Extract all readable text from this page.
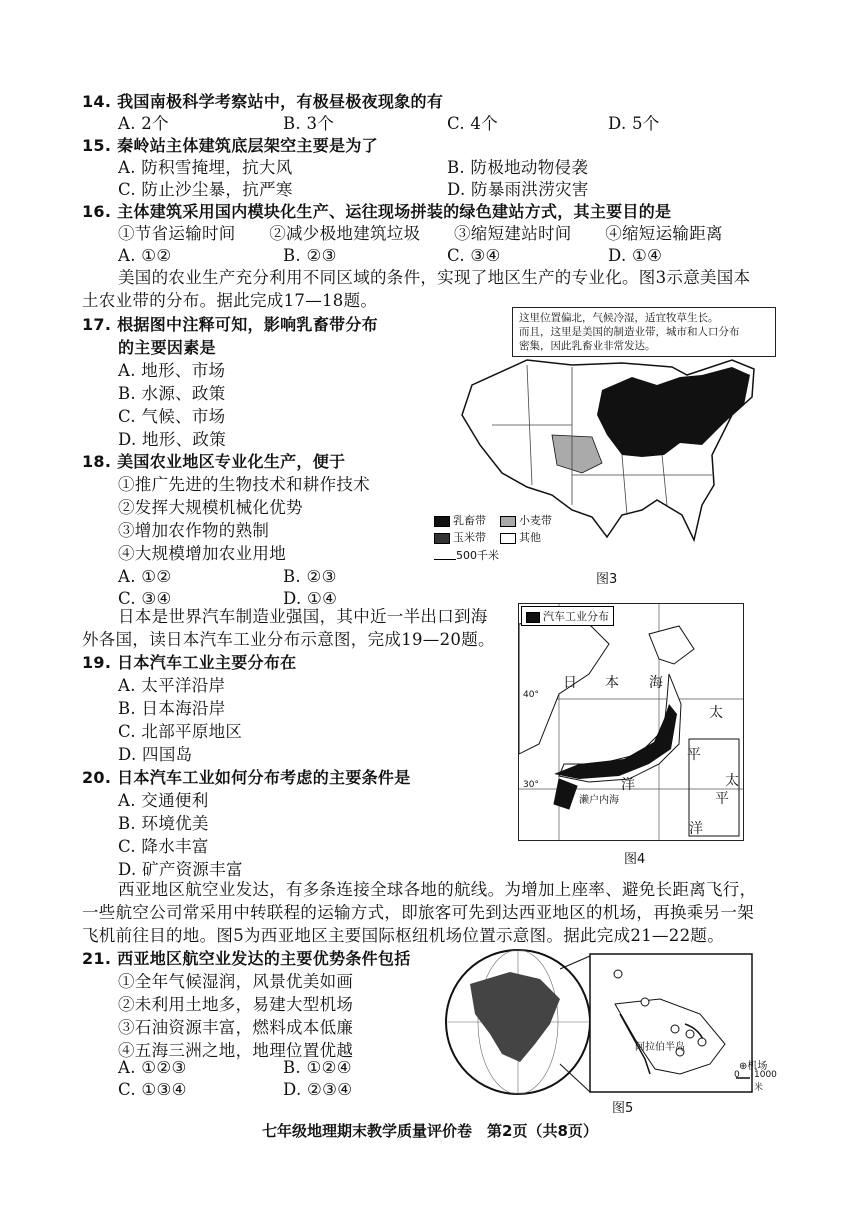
14. 我国南极科学考察站中，有极昼极夜现象的有
A. 2个	B. 3个	C. 4个	D. 5个
15. 秦岭站主体建筑底层架空主要是为了
A. 防积雪掩埋，抗大风	B. 防极地动物侵袭
C. 防止沙尘暴，抗严寒	D. 防暴雨洪涝灾害
16. 主体建筑采用国内模块化生产、运往现场拼装的绿色建站方式，其主要目的是
①节省运输时间　　②减少极地建筑垃圾　　③缩短建站时间　　④缩短运输距离
A. ①②	B. ②③	C. ③④	D. ①④
美国的农业生产充分利用不同区域的条件，实现了地区生产的专业化。图3示意美国本
土农业带的分布。据此完成17—18题。
17. 根据图中注释可知，影响乳畜带分布
的主要因素是
A. 地形、市场
B. 水源、政策
C. 气候、市场
D. 地形、政策
18. 美国农业地区专业化生产，便于
①推广先进的生物技术和耕作技术
②发挥大规模机械化优势
③增加农作物的熟制
④大规模增加农业用地
A. ①②	B. ②③
C. ③④	D. ①④
这里位置偏北，气候冷湿，适宜牧草生长。
而且，这里是美国的制造业带，城市和人口分布
密集，因此乳畜业非常发达。
乳畜带	小麦带
玉米带	其他
500千米
图3
日本是世界汽车制造业强国，其中近一半出口到海
外各国，读日本汽车工业分布示意图，完成19—20题。
19. 日本汽车工业主要分布在
A. 太平洋沿岸
B. 日本海沿岸
C. 北部平原地区
D. 四国岛
20. 日本汽车工业如何分布考虑的主要条件是
A. 交通便利
B. 环境优美
C. 降水丰富
D. 矿产资源丰富
汽车工业分布
日 本 海
太
平
洋	太
平
洋
濑户内海
40°
30°
图4
西亚地区航空业发达，有多条连接全球各地的航线。为增加上座率、避免长距离飞行，
一些航空公司常采用中转联程的运输方式，即旅客可先到达西亚地区的机场，再换乘另一架
飞机前往目的地。图5为西亚地区主要国际枢纽机场位置示意图。据此完成21—22题。
21. 西亚地区航空业发达的主要优势条件包括
①全年气候湿润，风景优美如画
②未利用土地多，易建大型机场
③石油资源丰富，燃料成本低廉
④五海三洲之地，地理位置优越
A. ①②③	B. ①②④
C. ①③④	D. ②③④
阿拉伯半岛
⊕机场
0 1000米
图5
七年级地理期末教学质量评价卷　第2页（共8页）
